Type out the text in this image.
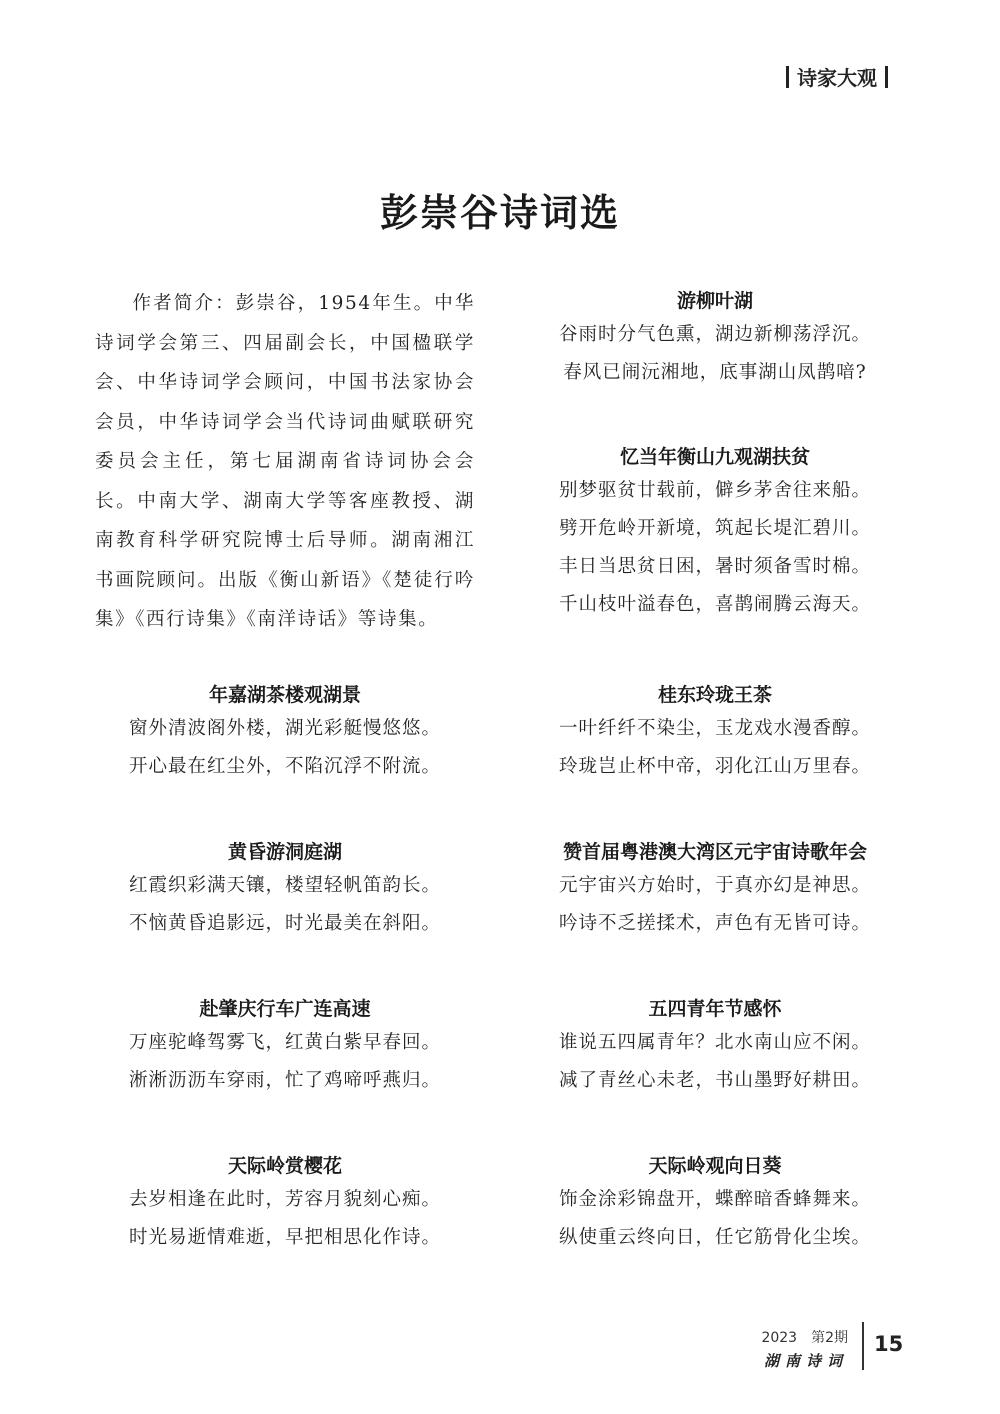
诗家大观
彭崇谷诗词选
作者简介：彭崇谷，1954年生。中华诗词学会第三、四届副会长，中国楹联学会、中华诗词学会顾问，中国书法家协会会员，中华诗词学会当代诗词曲赋联研究委员会主任，第七届湖南省诗词协会会长。中南大学、湖南大学等客座教授、湖南教育科学研究院博士后导师。湖南湘江书画院顾问。出版《衡山新语》《楚徒行吟集》《西行诗集》《南洋诗话》等诗集。
年嘉湖茶楼观湖景
窗外清波阁外楼，湖光彩艇慢悠悠。
开心最在红尘外，不陷沉浮不附流。
黄昏游洞庭湖
红霞织彩满天镶，楼望轻帆笛韵长。
不恼黄昏追影远，时光最美在斜阳。
赴肇庆行车广连高速
万座驼峰驾雾飞，红黄白紫早春回。
淅淅沥沥车穿雨，忙了鸡啼呼燕归。
天际岭赏樱花
去岁相逢在此时，芳容月貌刻心痴。
时光易逝情难逝，早把相思化作诗。
游柳叶湖
谷雨时分气色熏，湖边新柳荡浮沉。
春风已闹沅湘地，底事湖山凤鹊喑?
忆当年衡山九观湖扶贫
别梦驱贫廿载前，僻乡茅舍往来船。
劈开危岭开新境，筑起长堤汇碧川。
丰日当思贫日困，暑时须备雪时棉。
千山枝叶溢春色，喜鹊闹腾云海天。
桂东玲珑王茶
一叶纤纤不染尘，玉龙戏水漫香醇。
玲珑岂止杯中帝，羽化江山万里春。
赞首届粤港澳大湾区元宇宙诗歌年会
元宇宙兴方始时，于真亦幻是神思。
吟诗不乏搓揉术，声色有无皆可诗。
五四青年节感怀
谁说五四属青年？北水南山应不闲。
减了青丝心未老，书山墨野好耕田。
天际岭观向日葵
饰金涂彩锦盘开，蝶醉暗香蜂舞来。
纵使重云终向日，任它筋骨化尘埃。
2023　第2期
湖南诗词
15
